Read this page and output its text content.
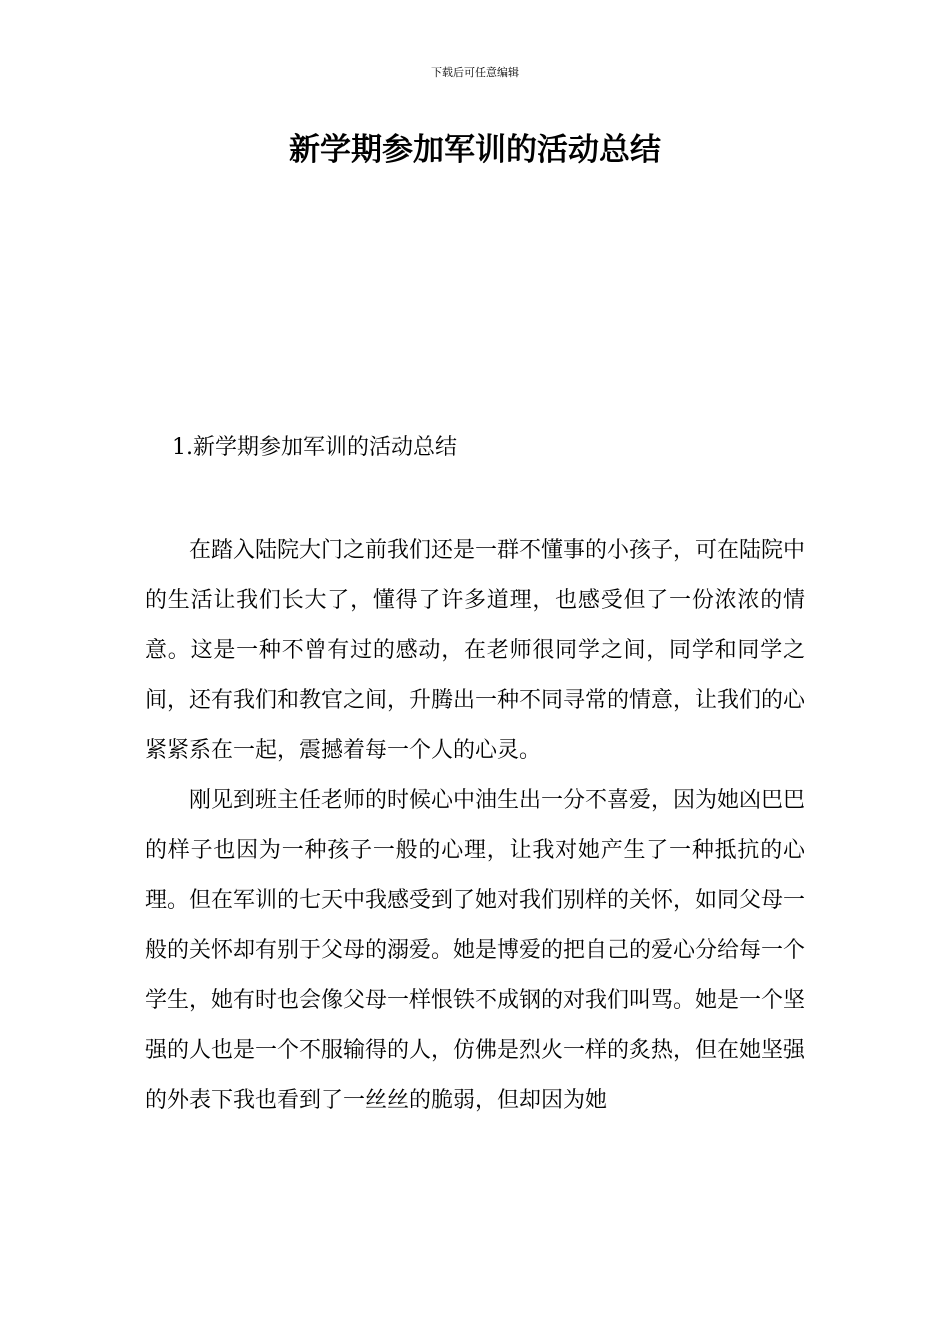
下载后可任意编辑
新学期参加军训的活动总结
1.新学期参加军训的活动总结

在踏入陆院大门之前我们还是一群不懂事的小孩子，可在陆院中的生活让我们长大了，懂得了许多道理，也感受但了一份浓浓的情意。这是一种不曾有过的感动，在老师很同学之间，同学和同学之间，还有我们和教官之间，升腾出一种不同寻常的情意，让我们的心紧紧系在一起，震撼着每一个人的心灵。

刚见到班主任老师的时候心中油生出一分不喜爱，因为她凶巴巴的样子也因为一种孩子一般的心理，让我对她产生了一种抵抗的心理。但在军训的七天中我感受到了她对我们别样的关怀，如同父母一般的关怀却有别于父母的溺爱。她是博爱的把自己的爱心分给每一个学生，她有时也会像父母一样恨铁不成钢的对我们叫骂。她是一个坚强的人也是一个不服输得的人，仿佛是烈火一样的炙热，但在她坚强的外表下我也看到了一丝丝的脆弱，但却因为她
